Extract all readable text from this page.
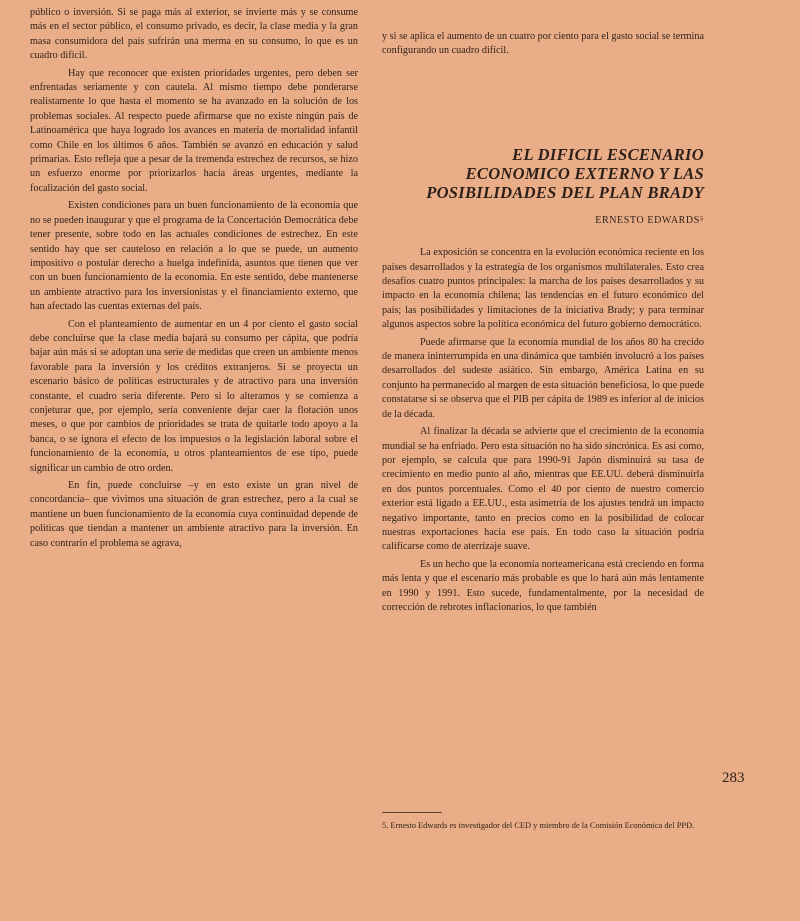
público o inversión. Si se paga más al exterior, se invierte más y se consume más en el sector público, el consumo privado, es decir, la clase media y la gran masa consumidora del país sufrirán una merma en su consumo, lo que es un cuadro difícil.

Hay que reconocer que existen prioridades urgentes, pero deben ser enfrentadas seriamente y con cautela. Al mismo tiempo debe ponderarse realistamente lo que hasta el momento se ha avanzado en la solución de los problemas sociales. Al respecto puede afirmarse que no existe ningún país de Latinoamérica que haya logrado los avances en materia de mortalidad infantil como Chile en los últimos 6 años. También se avanzó en educación y salud primarias. Esto refleja que a pesar de la tremenda estrechez de recursos, se hizo un esfuerzo enorme por priorizarlos hacia áreas urgentes, mediante la focalización del gasto social.

Existen condiciones para un buen funcionamiento de la economía que no se pueden inaugurar y que el programa de la Concertación Democrática debe tener presente, sobre todo en las actuales condiciones de estrechez. En este sentido hay que ser cauteloso en relación a lo que se puede, un aumento impositivo o postular derecho a huelga indefinida, asuntos que tienen que ver con un buen funcionamiento de la economía. En este sentido, debe mantenerse un ambiente atractivo para los inversionistas y el financiamiento externo, que han afectado las cuentas externas del país.

Con el planteamiento de aumentar en un 4 por ciento el gasto social debe concluirse que la clase media bajará su consumo per cápita, que podría bajar aún más si se adoptan una serie de medidas que creen un ambiente menos favorable para la inversión y los créditos extranjeros. Si se proyecta un escenario básico de políticas estructurales y de atractivo para una inversión constante, el cuadro sería diferente. Pero si lo alteramos y se comienza a conjeturar que, por ejemplo, sería conveniente dejar caer la flotación unos meses, o que por cambios de prioridades se trata de quitarle todo apoyo a la banca, o se ignora el efecto de los impuestos o la legislación laboral sobre el funcionamiento de la economía, u otros planteamientos de ese tipo, puede significar un cambio de otro orden.

En fin, puede concluirse –y en esto existe un gran nivel de concordancia– que vivimos una situación de gran estrechez, pero a la cual se mantiene un buen funcionamiento de la economía cuya continuidad depende de políticas que tiendan a mantener un ambiente atractivo para la inversión. En caso contrario el problema se agrava,

y si se aplica el aumento de un cuatro por ciento para el gasto social se termina configurando un cuadro difícil.

EL DIFICIL ESCENARIO
ECONOMICO EXTERNO Y LAS
POSIBILIDADES DEL PLAN BRADY
ERNESTO EDWARDS⁵

La exposición se concentra en la evolución económica reciente en los países desarrollados y la estrategia de los organismos multilaterales. Esto crea desafíos cuatro puntos principales: la marcha de los países desarrollados y su impacto en la economía chilena; las tendencias en el futuro económico del país; las posibilidades y limitaciones de la iniciativa Brady; y para terminar algunos aspectos sobre la política económica del futuro gobierno democrático.

Puede afirmarse que la economía mundial de los años 80 ha crecido de manera ininterrumpida en una dinámica que también involucró a los países desarrollados del sudeste asiático. Sin embargo, América Latina en su conjunto ha permanecido al margen de esta situación beneficiosa, lo que puede constatarse si se observa que el PIB per cápita de 1989 es inferior al de inicios de la década.

Al finalizar la década se advierte que el crecimiento de la economía mundial se ha enfriado. Pero esta situación no ha sido sincrónica. Es así como, por ejemplo, se calcula que para 1990-91 Japón disminuirá su tasa de crecimiento en medio punto al año, mientras que EE.UU. deberá disminuirla en dos puntos porcentuales. Como el 40 por ciento de nuestro comercio exterior está ligado a EE.UU., esta asimetría de los ajustes tendrá un impacto negativo importante, tanto en precios como en la posibilidad de colocar nuestras exportaciones hacia ese país. En todo caso la situación podría calificarse como de aterrizaje suave.

Es un hecho que la economía norteamericana está creciendo en forma más lenta y que el escenario más probable es que lo hará aún más lentamente en 1990 y 1991. Esto sucede, fundamentalmente, por la necesidad de corrección de rebrotes inflacionarios, lo que también

5. Ernesto Edwards es investigador del CED y miembro de la Comisión Económica del PPD.
283
